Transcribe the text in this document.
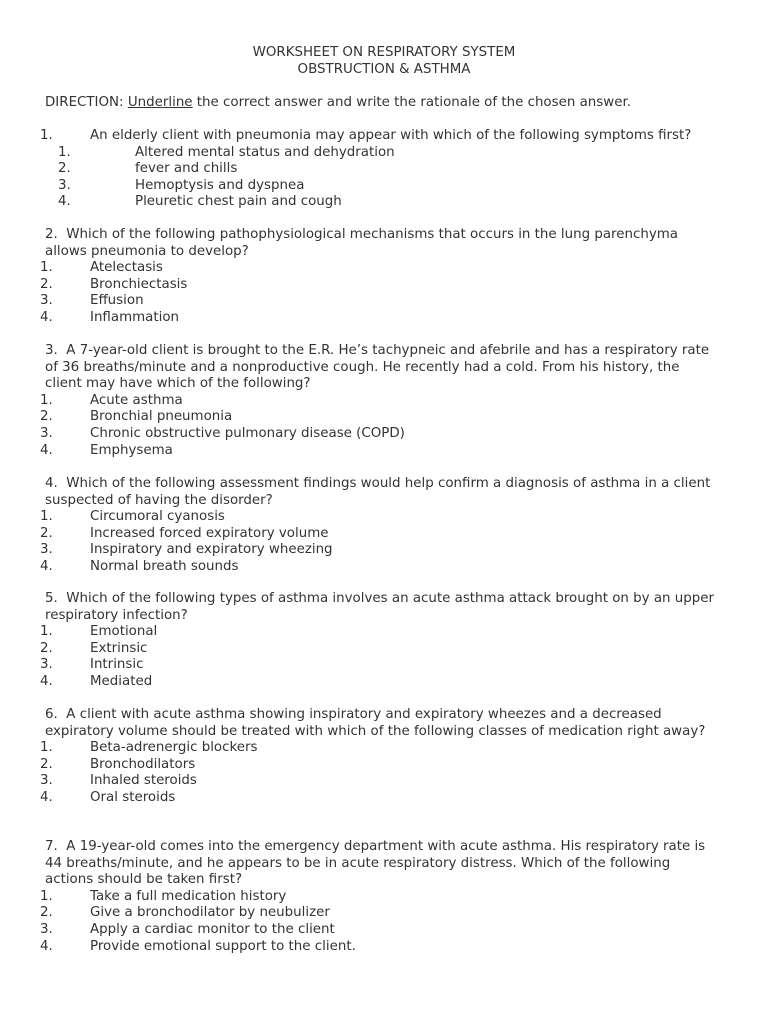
WORKSHEET ON RESPIRATORY SYSTEM

OBSTRUCTION & ASTHMA

DIRECTION: Underline the correct answer and write the rationale of the chosen answer.

1.	An elderly client with pneumonia may appear with which of the following symptoms first?

1.	Altered mental status and dehydration
2.	fever and chills
3.	Hemoptysis and dyspnea
4.	Pleuretic chest pain and cough

2.  Which of the following pathophysiological mechanisms that occurs in the lung parenchyma allows pneumonia to develop?

1.	Atelectasis
2.	Bronchiectasis
3.	Effusion
4.	Inflammation

3.  A 7-year-old client is brought to the E.R. He’s tachypneic and afebrile and has a respiratory rate of 36 breaths/minute and a nonproductive cough. He recently had a cold. From his history, the client may have which of the following?

1.	Acute asthma
2.	Bronchial pneumonia
3.	Chronic obstructive pulmonary disease (COPD)
4.	Emphysema

4.  Which of the following assessment findings would help confirm a diagnosis of asthma in a client suspected of having the disorder?

1.	Circumoral cyanosis
2.	Increased forced expiratory volume
3.	Inspiratory and expiratory wheezing
4.	Normal breath sounds

5.  Which of the following types of asthma involves an acute asthma attack brought on by an upper respiratory infection?

1.	Emotional
2.	Extrinsic
3.	Intrinsic
4.	Mediated

6.  A client with acute asthma showing inspiratory and expiratory wheezes and a decreased expiratory volume should be treated with which of the following classes of medication right away?

1.	Beta-adrenergic blockers
2.	Bronchodilators
3.	Inhaled steroids
4.	Oral steroids

7.  A 19-year-old comes into the emergency department with acute asthma. His respiratory rate is 44 breaths/minute, and he appears to be in acute respiratory distress. Which of the following actions should be taken first?

1.	Take a full medication history
2.	Give a bronchodilator by neubulizer
3.	Apply a cardiac monitor to the client
4.	Provide emotional support to the client.
